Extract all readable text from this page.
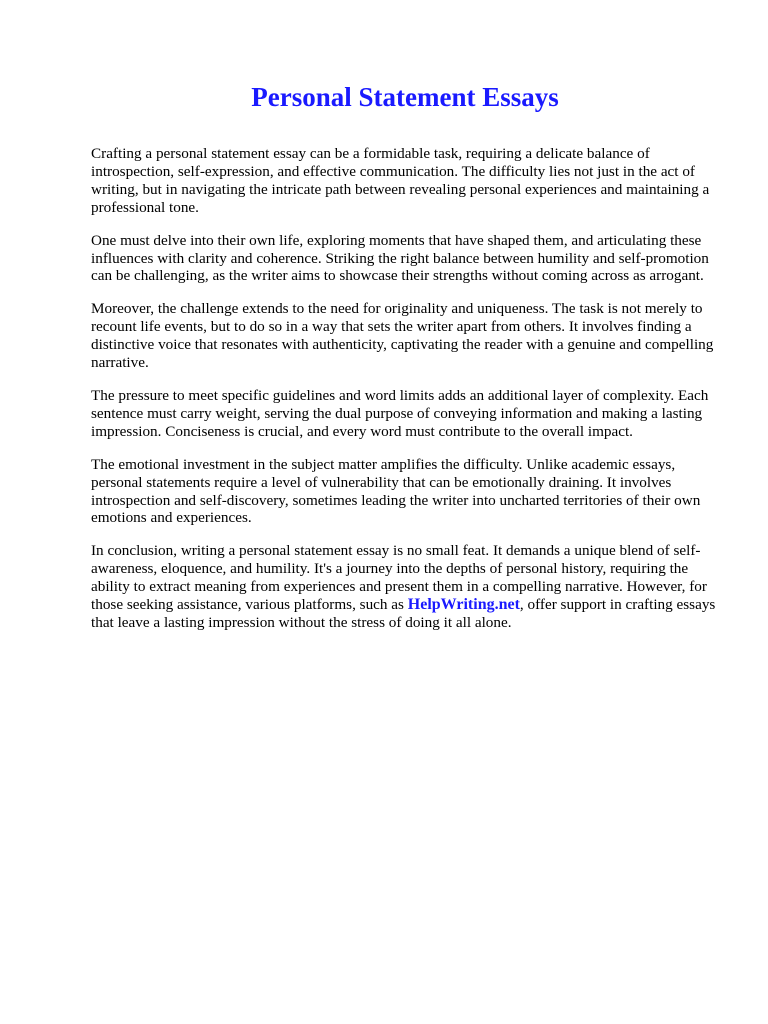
Personal Statement Essays

Crafting a personal statement essay can be a formidable task, requiring a delicate balance of introspection, self-expression, and effective communication. The difficulty lies not just in the act of writing, but in navigating the intricate path between revealing personal experiences and maintaining a professional tone.

One must delve into their own life, exploring moments that have shaped them, and articulating these influences with clarity and coherence. Striking the right balance between humility and self-promotion can be challenging, as the writer aims to showcase their strengths without coming across as arrogant.

Moreover, the challenge extends to the need for originality and uniqueness. The task is not merely to recount life events, but to do so in a way that sets the writer apart from others. It involves finding a distinctive voice that resonates with authenticity, captivating the reader with a genuine and compelling narrative.

The pressure to meet specific guidelines and word limits adds an additional layer of complexity. Each sentence must carry weight, serving the dual purpose of conveying information and making a lasting impression. Conciseness is crucial, and every word must contribute to the overall impact.

The emotional investment in the subject matter amplifies the difficulty. Unlike academic essays, personal statements require a level of vulnerability that can be emotionally draining. It involves introspection and self-discovery, sometimes leading the writer into uncharted territories of their own emotions and experiences.

In conclusion, writing a personal statement essay is no small feat. It demands a unique blend of self-awareness, eloquence, and humility. It's a journey into the depths of personal history, requiring the ability to extract meaning from experiences and present them in a compelling narrative. However, for those seeking assistance, various platforms, such as HelpWriting.net, offer support in crafting essays that leave a lasting impression without the stress of doing it all alone.
